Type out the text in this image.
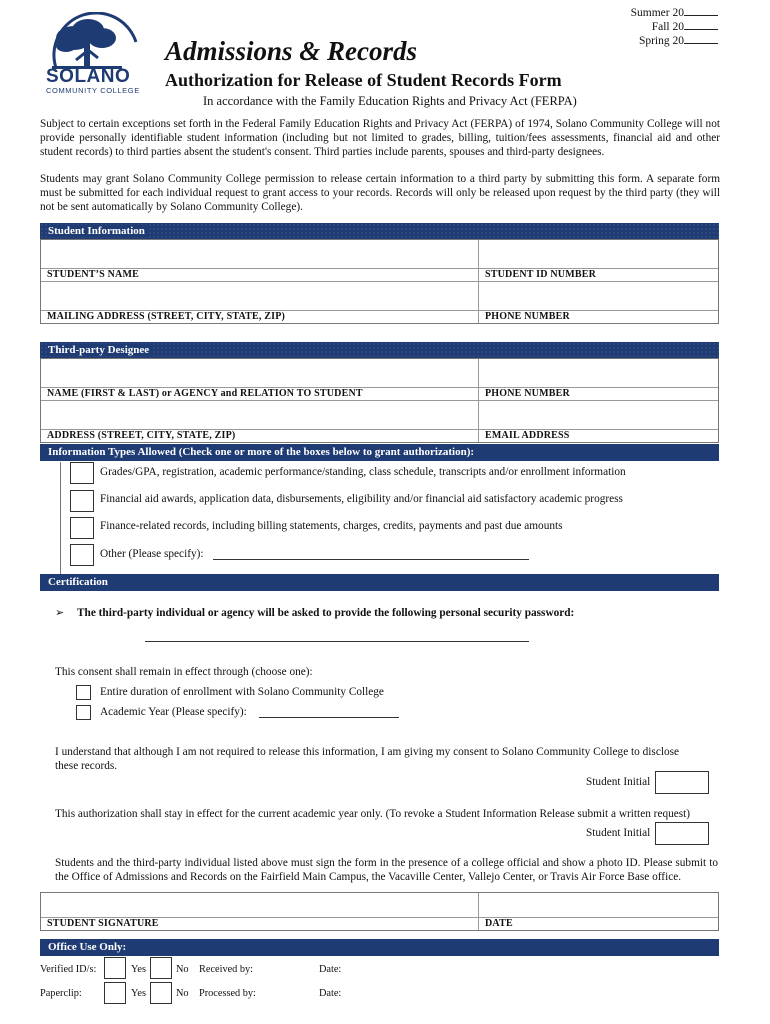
SOLANO
COMMUNITY COLLEGE
Summer 20
Fall 20
Spring 20
Admissions & Records
Authorization for Release of Student Records Form
In accordance with the Family Education Rights and Privacy Act (FERPA)
Subject to certain exceptions set forth in the Federal Family Education Rights and Privacy Act (FERPA) of 1974, Solano Community College will not provide personally identifiable student information (including but not limited to grades, billing, tuition/fees assessments, financial aid and other student records) to third parties absent the student's consent. Third parties include parents, spouses and third-party designees.
Students may grant Solano Community College permission to release certain information to a third party by submitting this form. A separate form must be submitted for each individual request to grant access to your records. Records will only be released upon request by the third party (they will not be sent automatically by Solano Community College).
Student Information
STUDENT’S NAME	STUDENT ID NUMBER
MAILING ADDRESS (STREET, CITY, STATE, ZIP)	PHONE NUMBER
Third-party Designee
NAME (FIRST & LAST) or AGENCY and RELATION TO STUDENT	PHONE NUMBER
ADDRESS (STREET, CITY, STATE, ZIP)	EMAIL ADDRESS
Information Types Allowed (Check one or more of the boxes below to grant authorization):
Grades/GPA, registration, academic performance/standing, class schedule, transcripts and/or enrollment information
Financial aid awards, application data, disbursements, eligibility and/or financial aid satisfactory academic progress
Finance-related records, including billing statements, charges, credits, payments and past due amounts
Other (Please specify):
Certification
➢ The third-party individual or agency will be asked to provide the following personal security password:
This consent shall remain in effect through (choose one):
Entire duration of enrollment with Solano Community College
Academic Year (Please specify):
I understand that although I am not required to release this information, I am giving my consent to Solano Community College to disclose these records.
Student Initial
This authorization shall stay in effect for the current academic year only. (To revoke a Student Information Release submit a written request)
Student Initial
Students and the third-party individual listed above must sign the form in the presence of a college official and show a photo ID. Please submit to the Office of Admissions and Records on the Fairfield Main Campus, the Vacaville Center, Vallejo Center, or Travis Air Force Base office.
STUDENT SIGNATURE	DATE
Office Use Only:
Verified ID/s:	Yes	No Received by:	Date:
Paperclip:	Yes	No Processed by:	Date:
